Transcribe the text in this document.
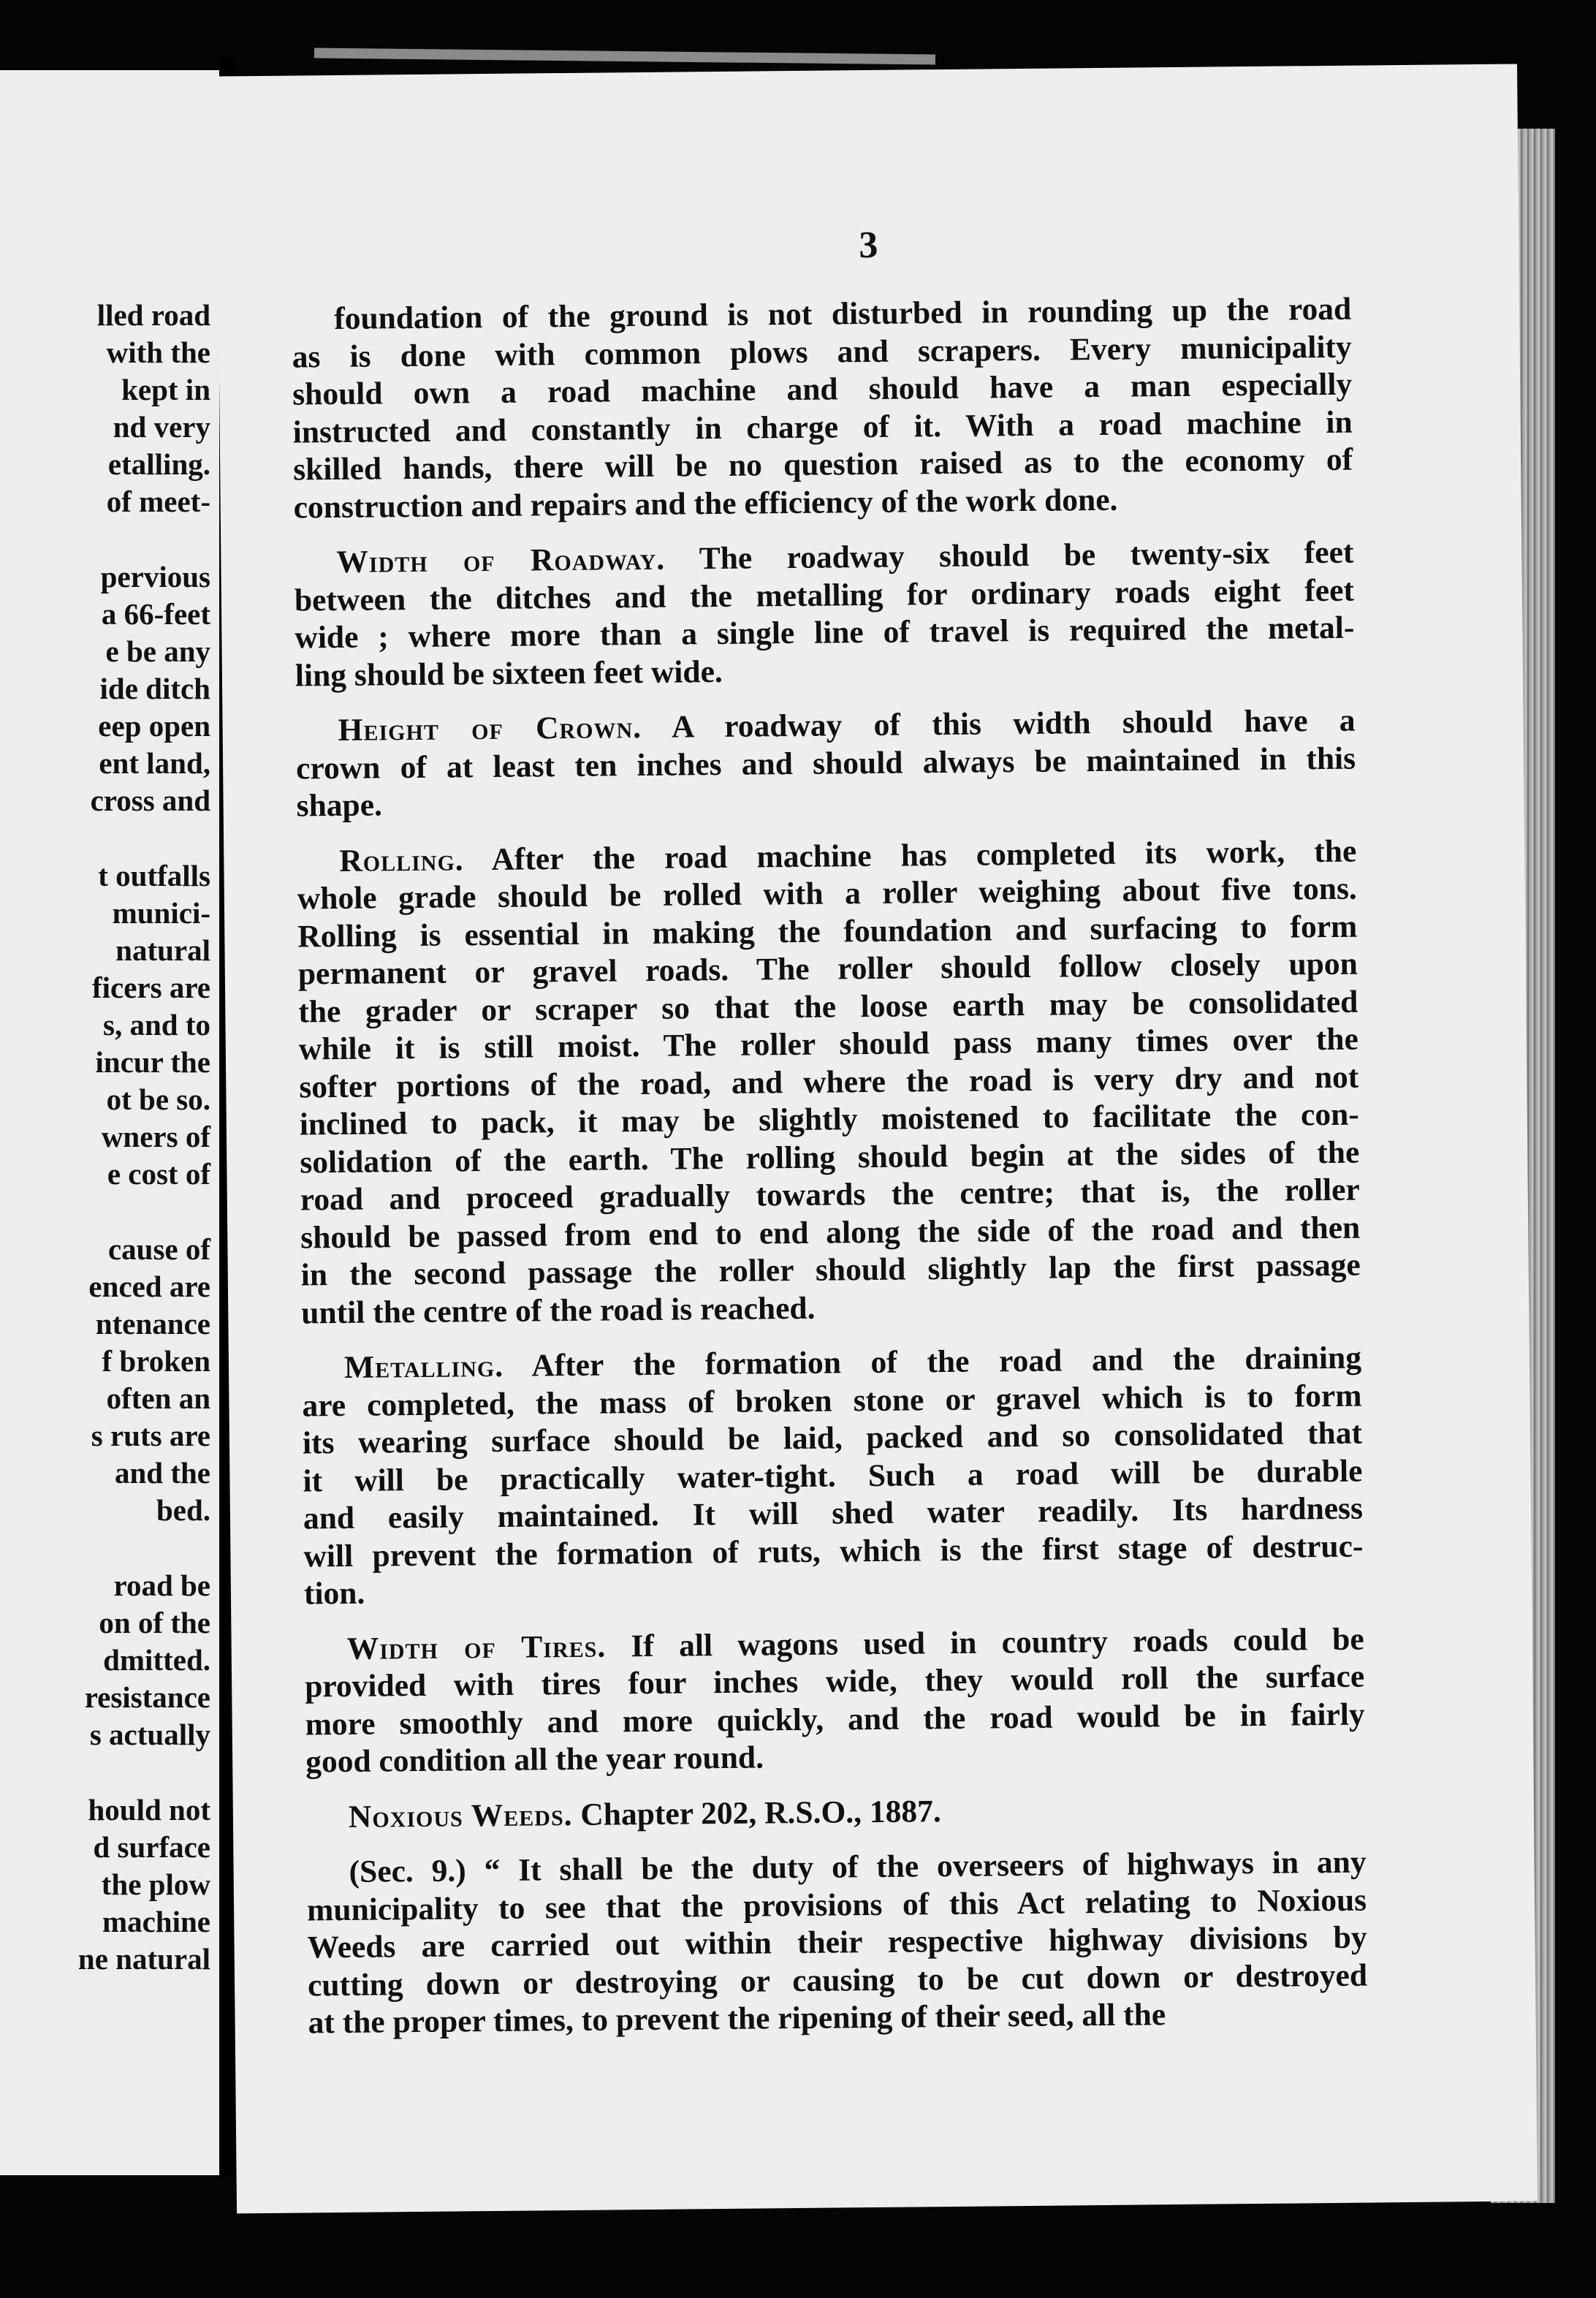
lled road
with the
kept in
nd very
etalling.
of meet-
pervious
a 66-feet
e be any
ide ditch
eep open
ent land,
cross and
t outfalls
munici-
natural
ficers are
s, and to
incur the
ot be so.
wners of
e cost of
cause of
enced are
ntenance
f broken
often an
s ruts are
and the
bed.
road be
on of the
dmitted.
resistance
s actually
hould not
d surface
the plow
machine
ne natural
3

foundation of the ground is not disturbed in rounding up the road
as is done with common plows and scrapers. Every municipality
should own a road machine and should have a man especially
instructed and constantly in charge of it. With a road machine in
skilled hands, there will be no question raised as to the economy of
construction and repairs and the efficiency of the work done.

Width of Roadway. The roadway should be twenty-six feet
between the ditches and the metalling for ordinary roads eight feet
wide ; where more than a single line of travel is required the metal-
ling should be sixteen feet wide.

Height of Crown. A roadway of this width should have a
crown of at least ten inches and should always be maintained in this
shape.

Rolling. After the road machine has completed its work, the
whole grade should be rolled with a roller weighing about five tons.
Rolling is essential in making the foundation and surfacing to form
permanent or gravel roads. The roller should follow closely upon
the grader or scraper so that the loose earth may be consolidated
while it is still moist. The roller should pass many times over the
softer portions of the road, and where the road is very dry and not
inclined to pack, it may be slightly moistened to facilitate the con-
solidation of the earth. The rolling should begin at the sides of the
road and proceed gradually towards the centre; that is, the roller
should be passed from end to end along the side of the road and then
in the second passage the roller should slightly lap the first passage
until the centre of the road is reached.

Metalling. After the formation of the road and the draining
are completed, the mass of broken stone or gravel which is to form
its wearing surface should be laid, packed and so consolidated that
it will be practically water-tight. Such a road will be durable
and easily maintained. It will shed water readily. Its hardness
will prevent the formation of ruts, which is the first stage of destruc-
tion.

Width of Tires. If all wagons used in country roads could be
provided with tires four inches wide, they would roll the surface
more smoothly and more quickly, and the road would be in fairly
good condition all the year round.

Noxious Weeds. Chapter 202, R.S.O., 1887.

(Sec. 9.) “ It shall be the duty of the overseers of highways in any
municipality to see that the provisions of this Act relating to Noxious
Weeds are carried out within their respective highway divisions by
cutting down or destroying or causing to be cut down or destroyed
at the proper times, to prevent the ripening of their seed, all the
